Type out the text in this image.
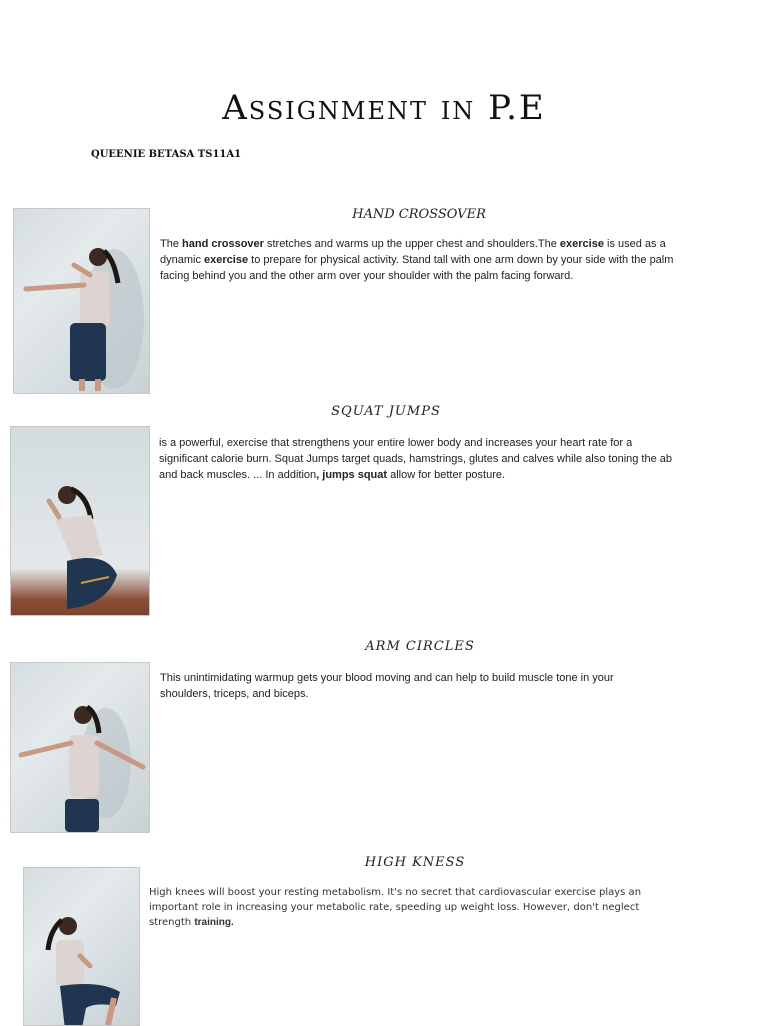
Assignment in P.E
QUEENIE BETASA TS11A1
HAND CROSSOVER
The hand crossover stretches and warms up the upper chest and shoulders.The exercise is used as a dynamic exercise to prepare for physical activity. Stand tall with one arm down by your side with the palm facing behind you and the other arm over your shoulder with the palm facing forward.
SQUAT JUMPS
is a powerful, exercise that strengthens your entire lower body and increases your heart rate for a significant calorie burn. Squat Jumps target quads, hamstrings, glutes and calves while also toning the ab and back muscles. ... In addition, jumps squat allow for better posture.
ARM CIRCLES
This unintimidating warmup gets your blood moving and can help to build muscle tone in your shoulders, triceps, and biceps.
HIGH KNESS
High knees will boost your resting metabolism. It's no secret that cardiovascular exercise plays an important role in increasing your metabolic rate, speeding up weight loss. However, don't neglect strength training.
